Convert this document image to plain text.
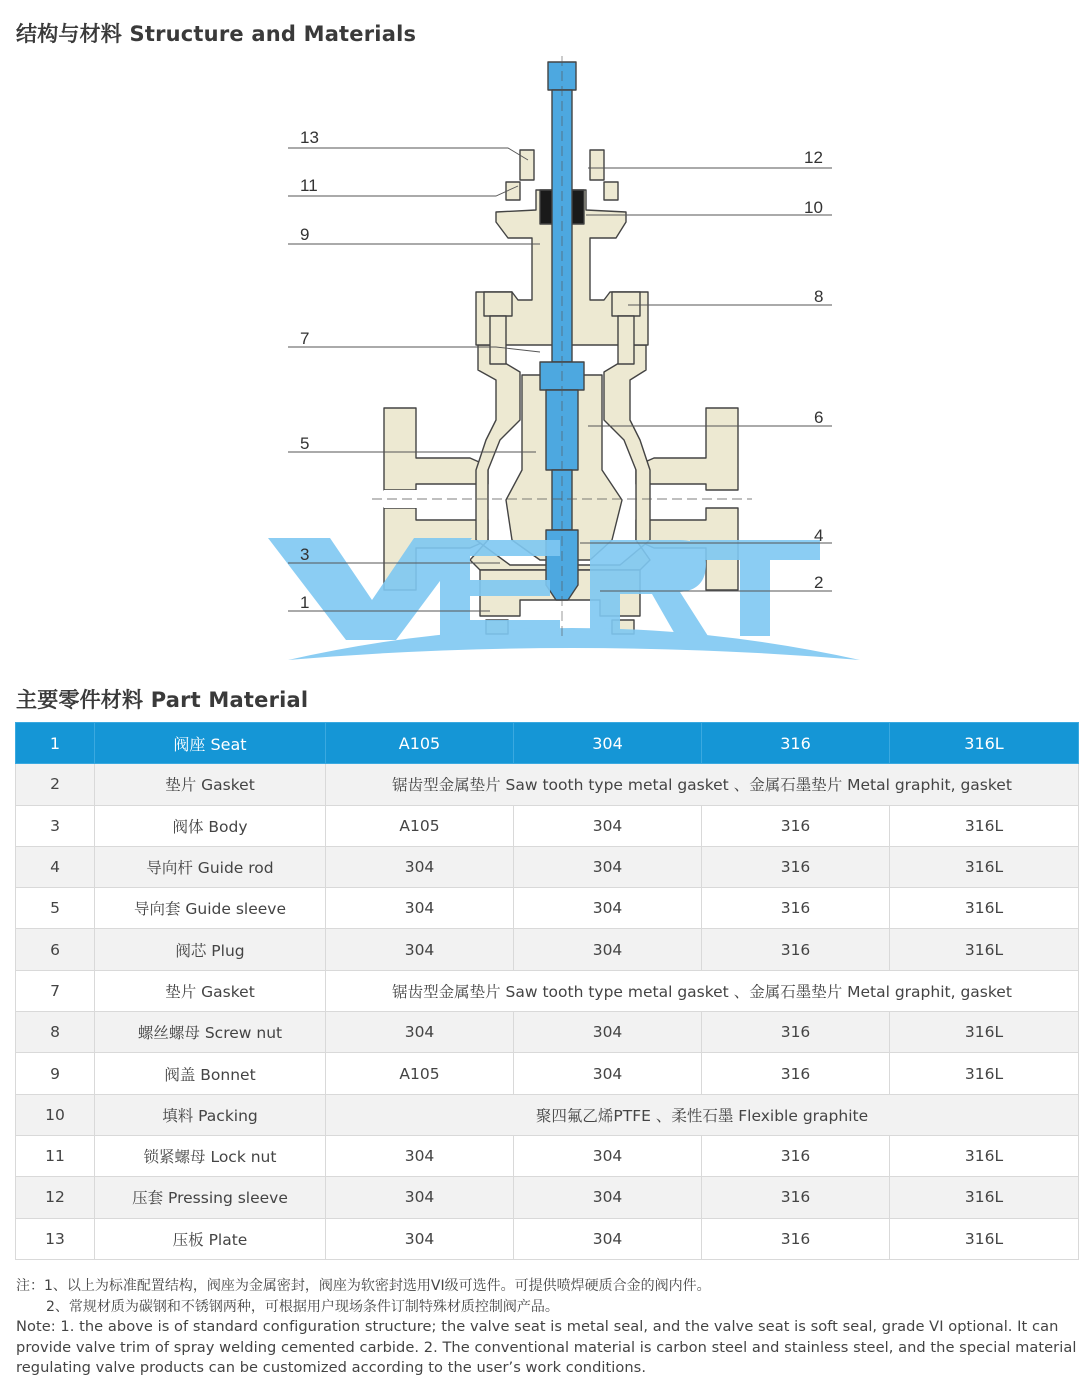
结构与材料 Structure and Materials
13
12
11
10
9
8
7
6
5
4
3
2
1
主要零件材料 Part Material
1	阀座 Seat	A105	304	316	316L
2	垫片 Gasket	锯齿型金属垫片 Saw tooth type metal gasket 、金属石墨垫片 Metal graphit, gasket			
3	阀体 Body	A105	304	316	316L
4	导向杆 Guide rod	304	304	316	316L
5	导向套 Guide sleeve	304	304	316	316L
6	阀芯 Plug	304	304	316	316L
7	垫片 Gasket	锯齿型金属垫片 Saw tooth type metal gasket 、金属石墨垫片 Metal graphit, gasket			
8	螺丝螺母 Screw nut	304	304	316	316L
9	阀盖 Bonnet	A105	304	316	316L
10	填料 Packing	聚四氟乙烯PTFE 、柔性石墨 Flexible graphite			
11	锁紧螺母 Lock nut	304	304	316	316L
12	压套 Pressing sleeve	304	304	316	316L
13	压板 Plate	304	304	316	316L

注：1、以上为标准配置结构，阀座为金属密封，阀座为软密封选用VI级可选件。可提供喷焊硬质合金的阀内件。

2、常规材质为碳钢和不锈钢两种，可根据用户现场条件订制特殊材质控制阀产品。

Note: 1. the above is of standard configuration structure; the valve seat is metal seal, and the valve seat is soft seal, grade VI optional. It can

provide valve trim of spray welding cemented carbide. 2. The conventional material is carbon steel and stainless steel, and the special material

regulating valve products can be customized according to the user’s work conditions.
